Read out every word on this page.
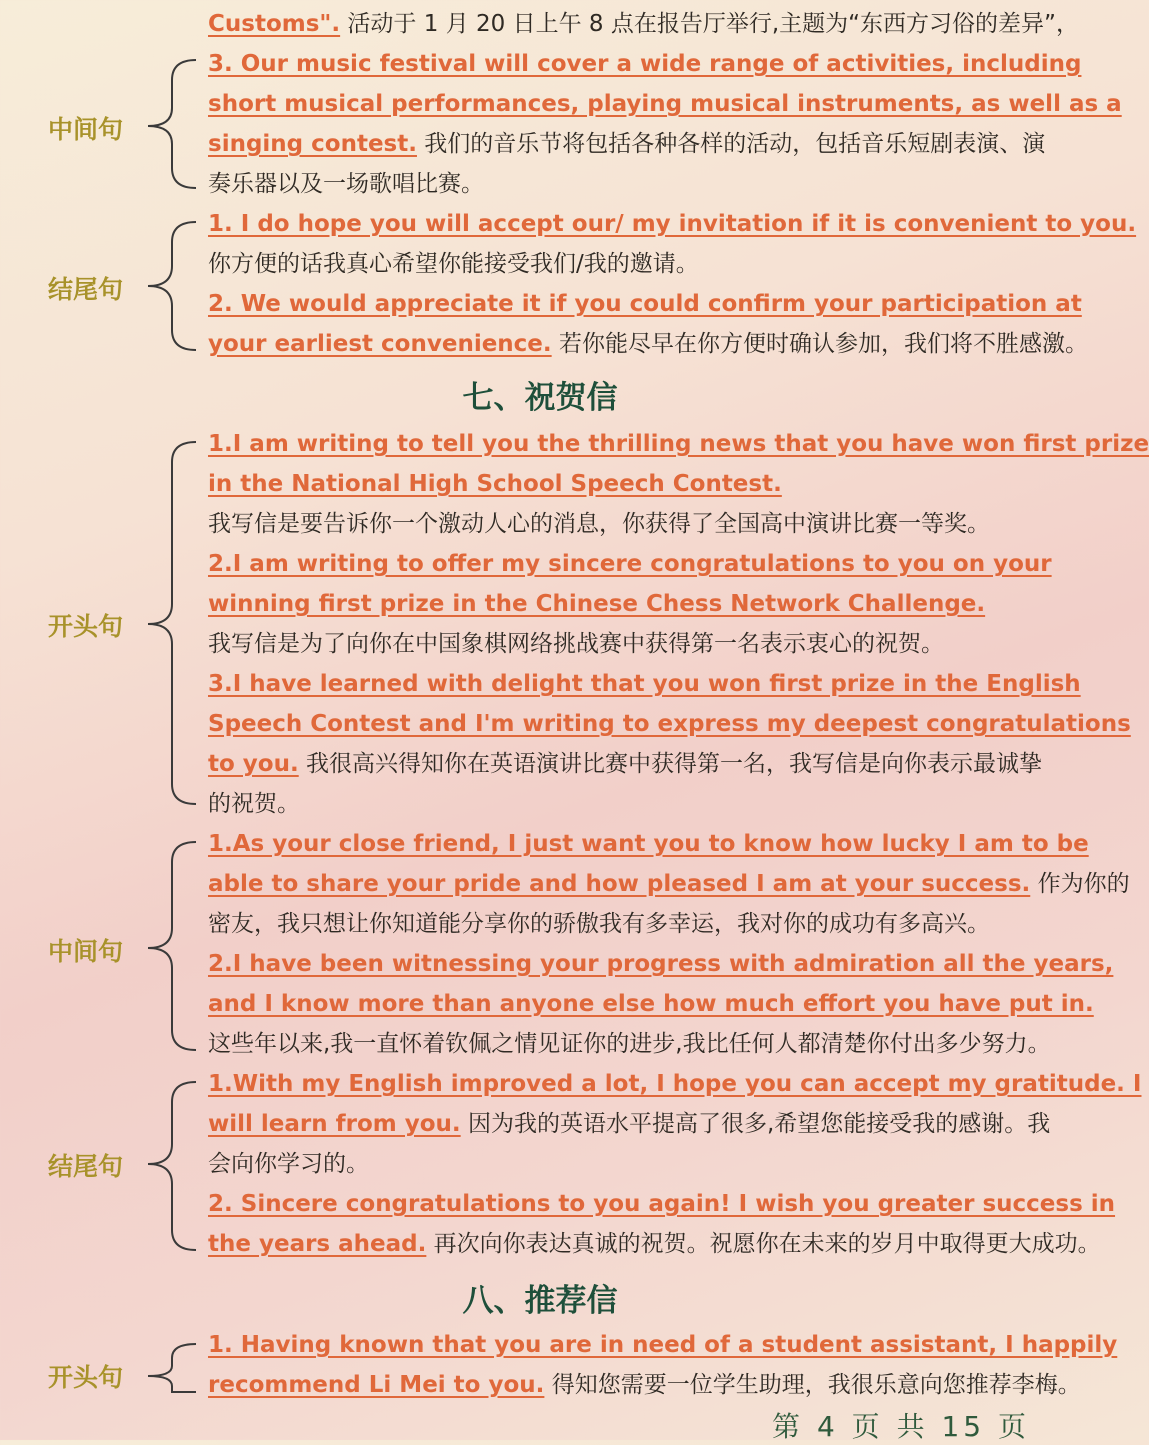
Customs". 活动于 1 月 20 日上午 8 点在报告厅举行,主题为“东西方习俗的差异”，
3. Our music festival will cover a wide range of activities, including
short musical performances, playing musical instruments, as well as a
singing contest. 我们的音乐节将包括各种各样的活动，包括音乐短剧表演、演
奏乐器以及一场歌唱比赛。
1. I do hope you will accept our/ my invitation if it is convenient to you.
你方便的话我真心希望你能接受我们/我的邀请。
2. We would appreciate it if you could confirm your participation at
your earliest convenience. 若你能尽早在你方便时确认参加，我们将不胜感激。
1.I am writing to tell you the thrilling news that you have won first prize
in the National High School Speech Contest.
我写信是要告诉你一个激动人心的消息，你获得了全国高中演讲比赛一等奖。
2.I am writing to offer my sincere congratulations to you on your
winning first prize in the Chinese Chess Network Challenge.
我写信是为了向你在中国象棋网络挑战赛中获得第一名表示衷心的祝贺。
3.I have learned with delight that you won first prize in the English
Speech Contest and I'm writing to express my deepest congratulations
to you. 我很高兴得知你在英语演讲比赛中获得第一名，我写信是向你表示最诚挚
的祝贺。
1.As your close friend, I just want you to know how lucky I am to be
able to share your pride and how pleased I am at your success. 作为你的
密友，我只想让你知道能分享你的骄傲我有多幸运，我对你的成功有多高兴。
2.I have been witnessing your progress with admiration all the years,
and I know more than anyone else how much effort you have put in.
这些年以来,我一直怀着钦佩之情见证你的进步,我比任何人都清楚你付出多少努力。
1.With my English improved a lot, I hope you can accept my gratitude. I
will learn from you. 因为我的英语水平提高了很多,希望您能接受我的感谢。我
会向你学习的。
2. Sincere congratulations to you again! I wish you greater success in
the years ahead. 再次向你表达真诚的祝贺。祝愿你在未来的岁月中取得更大成功。
1. Having known that you are in need of a student assistant, I happily
recommend Li Mei to you. 得知您需要一位学生助理，我很乐意向您推荐李梅。
七、祝贺信
八、推荐信
中间句
结尾句
开头句
中间句
结尾句
开头句
第 4 页 共 15 页
